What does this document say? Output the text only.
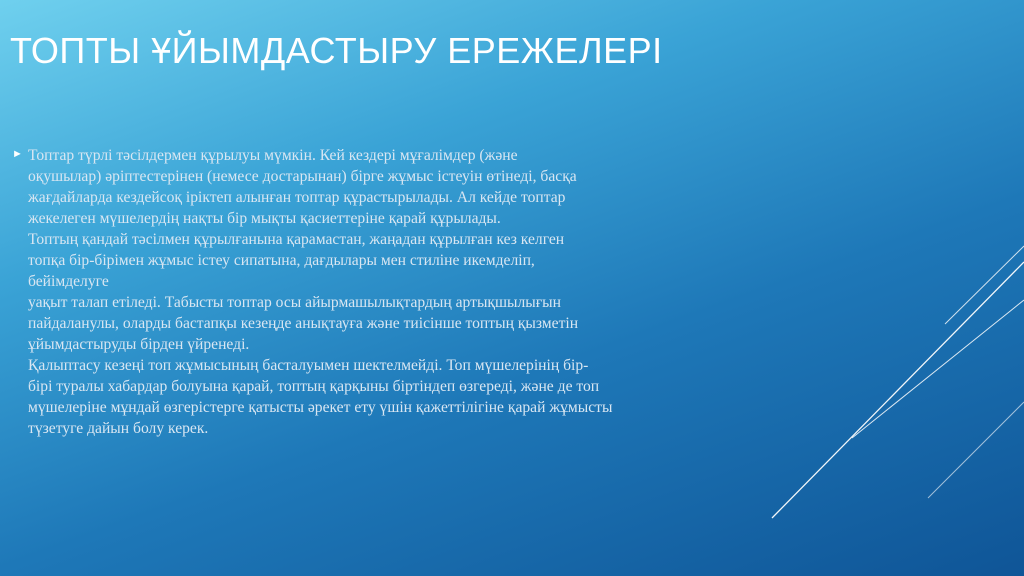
ТОПТЫ ҰЙЫМДАСТЫРУ ЕРЕЖЕЛЕРІ
► Топтар түрлі тәсілдермен құрылуы мүмкін. Кей кездері мұғалімдер (және
оқушылар) әріптестерінен (немесе достарынан) бірге жұмыс істеуін өтінеді, басқа
жағдайларда кездейсоқ іріктеп алынған топтар құрастырылады. Ал кейде топтар
жекелеген мүшелердің нақты бір мықты қасиеттеріне қарай құрылады.
Топтың қандай тәсілмен құрылғанына қарамастан, жаңадан құрылған кез келген
топқа бір-бірімен жұмыс істеу сипатына, дағдылары мен стиліне икемделіп,
бейімделуге
уақыт талап етіледі. Табысты топтар осы айырмашылықтардың артықшылығын
пайдаланулы, оларды бастапқы кезеңде анықтауға және тиісінше топтың қызметін
ұйымдастыруды бірден үйренеді.
Қалыптасу кезеңі топ жұмысының басталуымен шектелмейді. Топ мүшелерінің бір-
бірі туралы хабардар болуына қарай, топтың қарқыны біртіндеп өзгереді, және де топ
мүшелеріне мұндай өзгерістерге қатысты әрекет ету үшін қажеттілігіне қарай жұмысты
түзетуге дайын болу керек.
